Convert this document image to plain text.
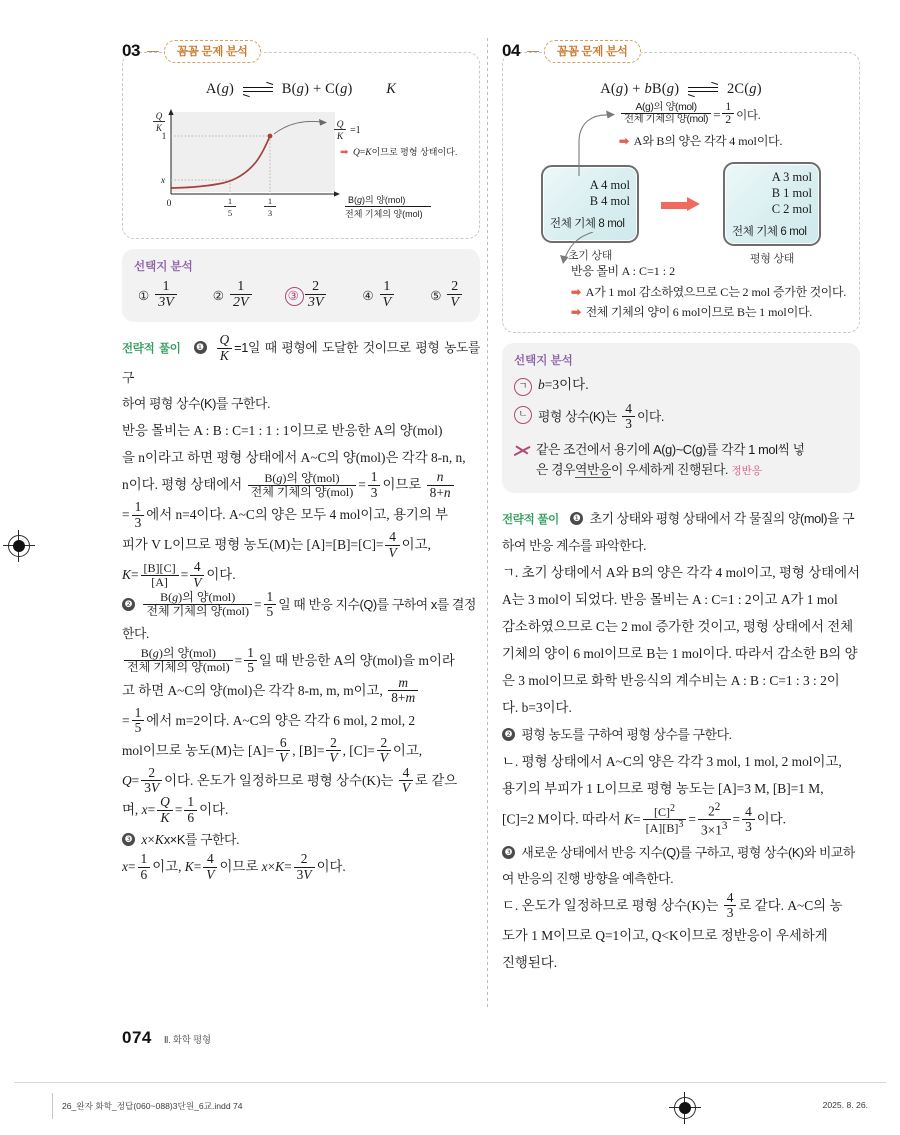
03	꼼꼼 문제 분석
A(g)	B(g) + C(g) K
Q
K
1
x
0	1
5
1
3
B(g)의 양(mol)
전체 기체의 양(mol)
Q
K
=1
➡ Q=K이므로 평형 상태이다.
선택지 분석
① $\frac{1}{3V}$	② $\frac{1}{2V}$	③ $\frac{2}{3V}$	④ $\frac{1}{V}$	⑤ $\frac{2}{V}$

전략적 풀이 ❶ $\frac{Q}{K} =1$일 때 평형에 도달한 것이므로 평형 농도를 구

하여 평형 상수(K)를 구한다.

반응 몰비는 A : B : C=1 : 1 : 1이므로 반응한 A의 양(mol)

을 n이라고 하면 평형 상태에서 A~C의 양(mol)은 각각 8-n, n,

n이다. 평형 상태에서 $\frac{\text{B(g)의 양(mol)}}{\text{전체 기체의 양(mol)}} = \frac{1}{3}$ 이므로 $\frac{n}{8+n}$

= $\frac{1}{3}$ 에서 n=4이다. A~C의 양은 모두 4 mol이고, 용기의 부

피가 V L이므로 평형 농도(M)는 $[A]=[B]=[C]= \frac{4}{V}$ 이고,

$K= \frac{[B][C]}{[A]} = \frac{4}{V}$ 이다.

❷ $\frac{\text{B(g)의 양(mol)}}{\text{전체 기체의 양(mol)}} = \frac{1}{5}$ 일 때 반응 지수(Q)를 구하여 x를 결정

한다.

$\frac{\text{B(g)의 양(mol)}}{\text{전체 기체의 양(mol)}} = \frac{1}{5}$ 일 때 반응한 A의 양(mol)을 m이라

고 하면 A~C의 양(mol)은 각각 8-m, m, m이고, $\frac{m}{8+m}$

= $\frac{1}{5}$ 에서 m=2이다. A~C의 양은 각각 6 mol, 2 mol, 2

mol이므로 농도(M)는 $[A]= \frac{6}{V}$ , $[B]= \frac{2}{V}$ , $[C]= \frac{2}{V}$ 이고,

$Q= \frac{2}{3V}$ 이다. 온도가 일정하므로 평형 상수(K)는 $\frac{4}{V}$ 로 같으

며, $x= \frac{Q}{K} = \frac{1}{6}$ 이다.

❸ x×Kx×K를 구한다.

$x= \frac{1}{6}$ 이고, $K= \frac{4}{V}$ 이므로 $x\times K= \frac{2}{3V}$ 이다.

04	꼼꼼 문제 분석
A(g) + bB(g)	2C(g)
$\frac{\text{A(g)의 양(mol)}}{\text{전체 기체의 양(mol)}} = \frac{1}{2}$ 이다.
➡ A와 B의 양은 각각 4 mol이다.
A 4 mol
B 4 mol
전체 기체 8 mol
초기 상태
A 3 mol
B 1 mol
C 2 mol
전체 기체 6 mol
평형 상태
반응 몰비 A : C=1 : 2
➡ A가 1 mol 감소하였으므로 C는 2 mol 증가한 것이다.
➡ 전체 기체의 양이 6 mol이므로 B는 1 mol이다.
선택지 분석
ㄱ b=3이다.
ㄴ 평형 상수(K)는 $\frac{4}{3}$ 이다.
같은 조건에서 용기에 A(g)~C(g)를 각각 1 mol씩 넣
은 경우역반응이 우세하게 진행된다. 정반응

전략적 풀이 ❶ 초기 상태와 평형 상태에서 각 물질의 양(mol)을 구

하여 반응 계수를 파악한다.

ㄱ. 초기 상태에서 A와 B의 양은 각각 4 mol이고, 평형 상태에서

A는 3 mol이 되었다. 반응 몰비는 A : C=1 : 2이고 A가 1 mol

감소하였으므로 C는 2 mol 증가한 것이고, 평형 상태에서 전체

기체의 양이 6 mol이므로 B는 1 mol이다. 따라서 감소한 B의 양

은 3 mol이므로 화학 반응식의 계수비는 A : B : C=1 : 3 : 2이

다. b=3이다.

❷ 평형 농도를 구하여 평형 상수를 구한다.

ㄴ. 평형 상태에서 A~C의 양은 각각 3 mol, 1 mol, 2 mol이고,

용기의 부피가 1 L이므로 평형 농도는 [A]=3 M, [B]=1 M,

[C]=2 M이다. 따라서 $K= \frac{[C]^2}{[A][B]^3} = \frac{2^2}{3\times 1^3} = \frac{4}{3}$ 이다.

❸ 새로운 상태에서 반응 지수(Q)를 구하고, 평형 상수(K)와 비교하

여 반응의 진행 방향을 예측한다.

ㄷ. 온도가 일정하므로 평형 상수(K)는 $\frac{4}{3}$ 로 같다. A~C의 농

도가 1 M이므로 Q=1이고, Q<K이므로 정반응이 우세하게

진행된다.

074 Ⅱ. 화학 평형
26_완자 화학_정답(060~088)3단원_6교.indd 74	2025. 8. 26.
